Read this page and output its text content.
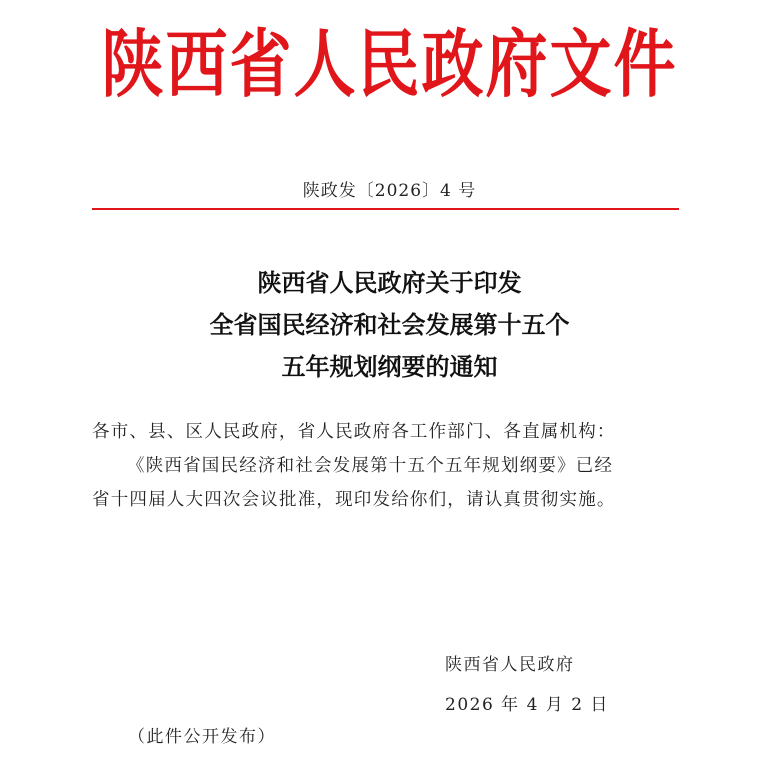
陕西省人民政府文件
陕政发〔2026〕4 号
陕西省人民政府关于印发
全省国民经济和社会发展第十五个
五年规划纲要的通知
各市、县、区人民政府，省人民政府各工作部门、各直属机构：
《陕西省国民经济和社会发展第十五个五年规划纲要》已经
省十四届人大四次会议批准，现印发给你们，请认真贯彻实施。
陕西省人民政府
2026 年 4 月 2 日
（此件公开发布）
